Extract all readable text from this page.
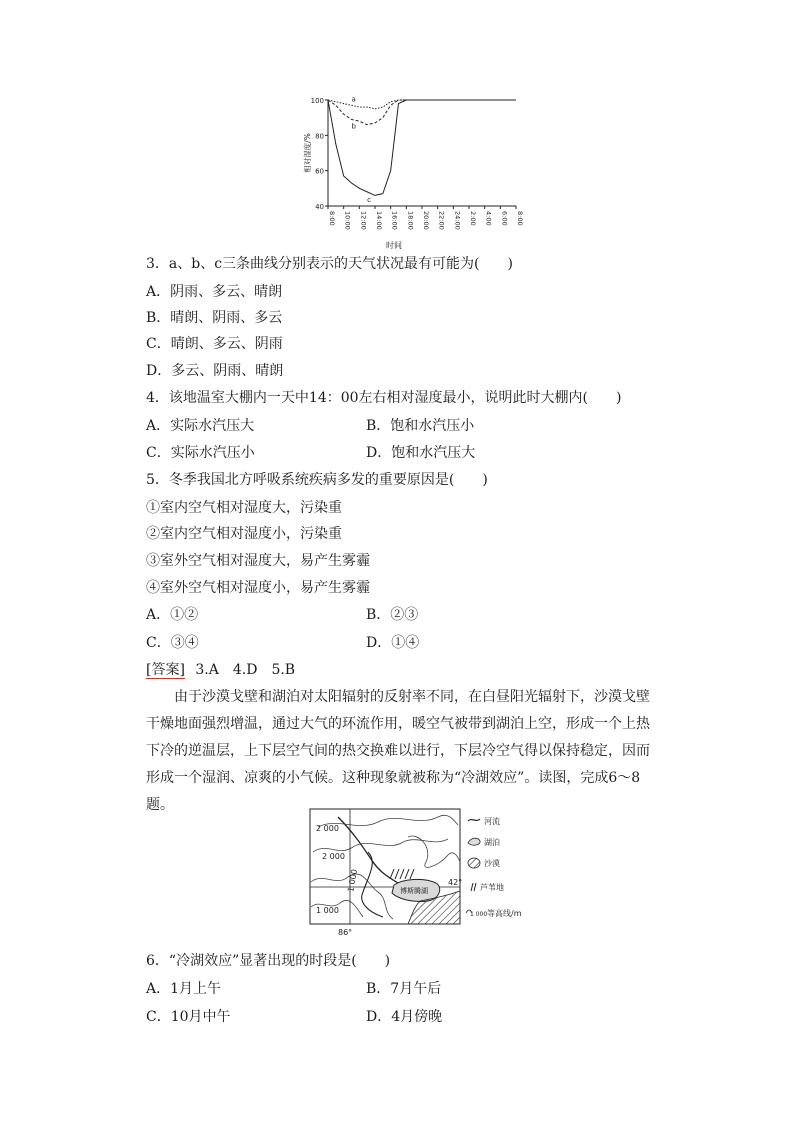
100
80
60
40
8:00 10:00 12:00 14:00 16:00 18:00 20:00 22:00 24:00 2:00 4:00 6:00 8:00
时间
相对湿度/%
a
b
c
3．a、b、c三条曲线分别表示的天气状况最有可能为(　　)
A．阴雨、多云、晴朗
B．晴朗、阴雨、多云
C．晴朗、多云、阴雨
D．多云、阴雨、晴朗
4．该地温室大棚内一天中14：00左右相对湿度最小，说明此时大棚内(　　)
A．实际水汽压大	B．饱和水汽压小
C．实际水汽压小	D．饱和水汽压大
5．冬季我国北方呼吸系统疾病多发的重要原因是(　　)
①室内空气相对湿度大，污染重
②室内空气相对湿度小，污染重
③室外空气相对湿度大，易产生雾霾
④室外空气相对湿度小，易产生雾霾
A．①②	B．②③
C．③④	D．①④
[答案] 3.A　4.D　5.B
由于沙漠戈壁和湖泊对太阳辐射的反射率不同，在白昼阳光辐射下，沙漠戈壁干燥地面强烈增温，通过大气的环流作用，暖空气被带到湖泊上空，形成一个上热下冷的逆温层，上下层空气间的热交换难以进行，下层冷空气得以保持稳定，因而形成一个湿润、凉爽的小气候。这种现象就被称为“冷湖效应”。读图，完成6～8题。
2 000
2 000
1 000
1 000
博斯腾湖
42°
86°
河流
湖泊
沙漠
芦苇地
1 000 等高线/m
6．“冷湖效应”显著出现的时段是(　　)
A．1月上午	B．7月午后
C．10月中午	D．4月傍晚
